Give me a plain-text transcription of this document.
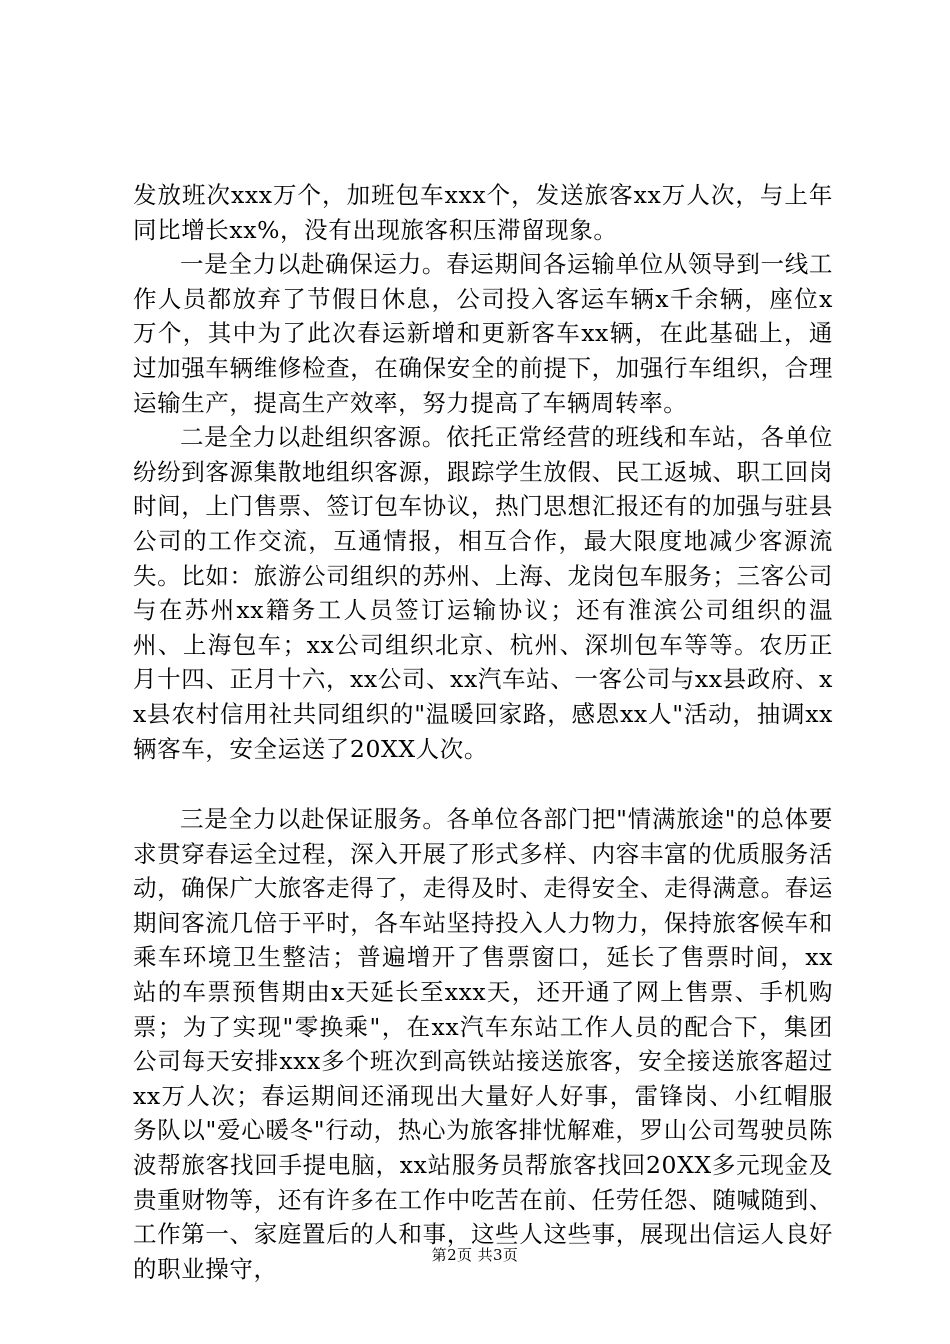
发放班次xxx万个，加班包车xxx个，发送旅客xx万人次，与上年同比增长xx%，没有出现旅客积压滞留现象。

一是全力以赴确保运力。春运期间各运输单位从领导到一线工作人员都放弃了节假日休息，公司投入客运车辆x千余辆，座位x万个，其中为了此次春运新增和更新客车xx辆，在此基础上，通过加强车辆维修检查，在确保安全的前提下，加强行车组织，合理运输生产，提高生产效率，努力提高了车辆周转率。

二是全力以赴组织客源。依托正常经营的班线和车站，各单位纷纷到客源集散地组织客源，跟踪学生放假、民工返城、职工回岗时间，上门售票、签订包车协议，热门思想汇报还有的加强与驻县公司的工作交流，互通情报，相互合作，最大限度地减少客源流失。比如：旅游公司组织的苏州、上海、龙岗包车服务；三客公司与在苏州xx籍务工人员签订运输协议；还有淮滨公司组织的温州、上海包车；xx公司组织北京、杭州、深圳包车等等。农历正月十四、正月十六，xx公司、xx汽车站、一客公司与xx县政府、xx县农村信用社共同组织的"温暖回家路，感恩xx人"活动，抽调xx辆客车，安全运送了20XX人次。

三是全力以赴保证服务。各单位各部门把"情满旅途"的总体要求贯穿春运全过程，深入开展了形式多样、内容丰富的优质服务活动，确保广大旅客走得了，走得及时、走得安全、走得满意。春运期间客流几倍于平时，各车站坚持投入人力物力，保持旅客候车和乘车环境卫生整洁；普遍增开了售票窗口，延长了售票时间，xx站的车票预售期由x天延长至xxx天，还开通了网上售票、手机购票；为了实现"零换乘"，在xx汽车东站工作人员的配合下，集团公司每天安排xxx多个班次到高铁站接送旅客，安全接送旅客超过xx万人次；春运期间还涌现出大量好人好事，雷锋岗、小红帽服务队以"爱心暖冬"行动，热心为旅客排忧解难，罗山公司驾驶员陈波帮旅客找回手提电脑，xx站服务员帮旅客找回20XX多元现金及贵重财物等，还有许多在工作中吃苦在前、任劳任怨、随喊随到、工作第一、家庭置后的人和事，这些人这些事，展现出信运人良好的职业操守，	第2页 共3页
